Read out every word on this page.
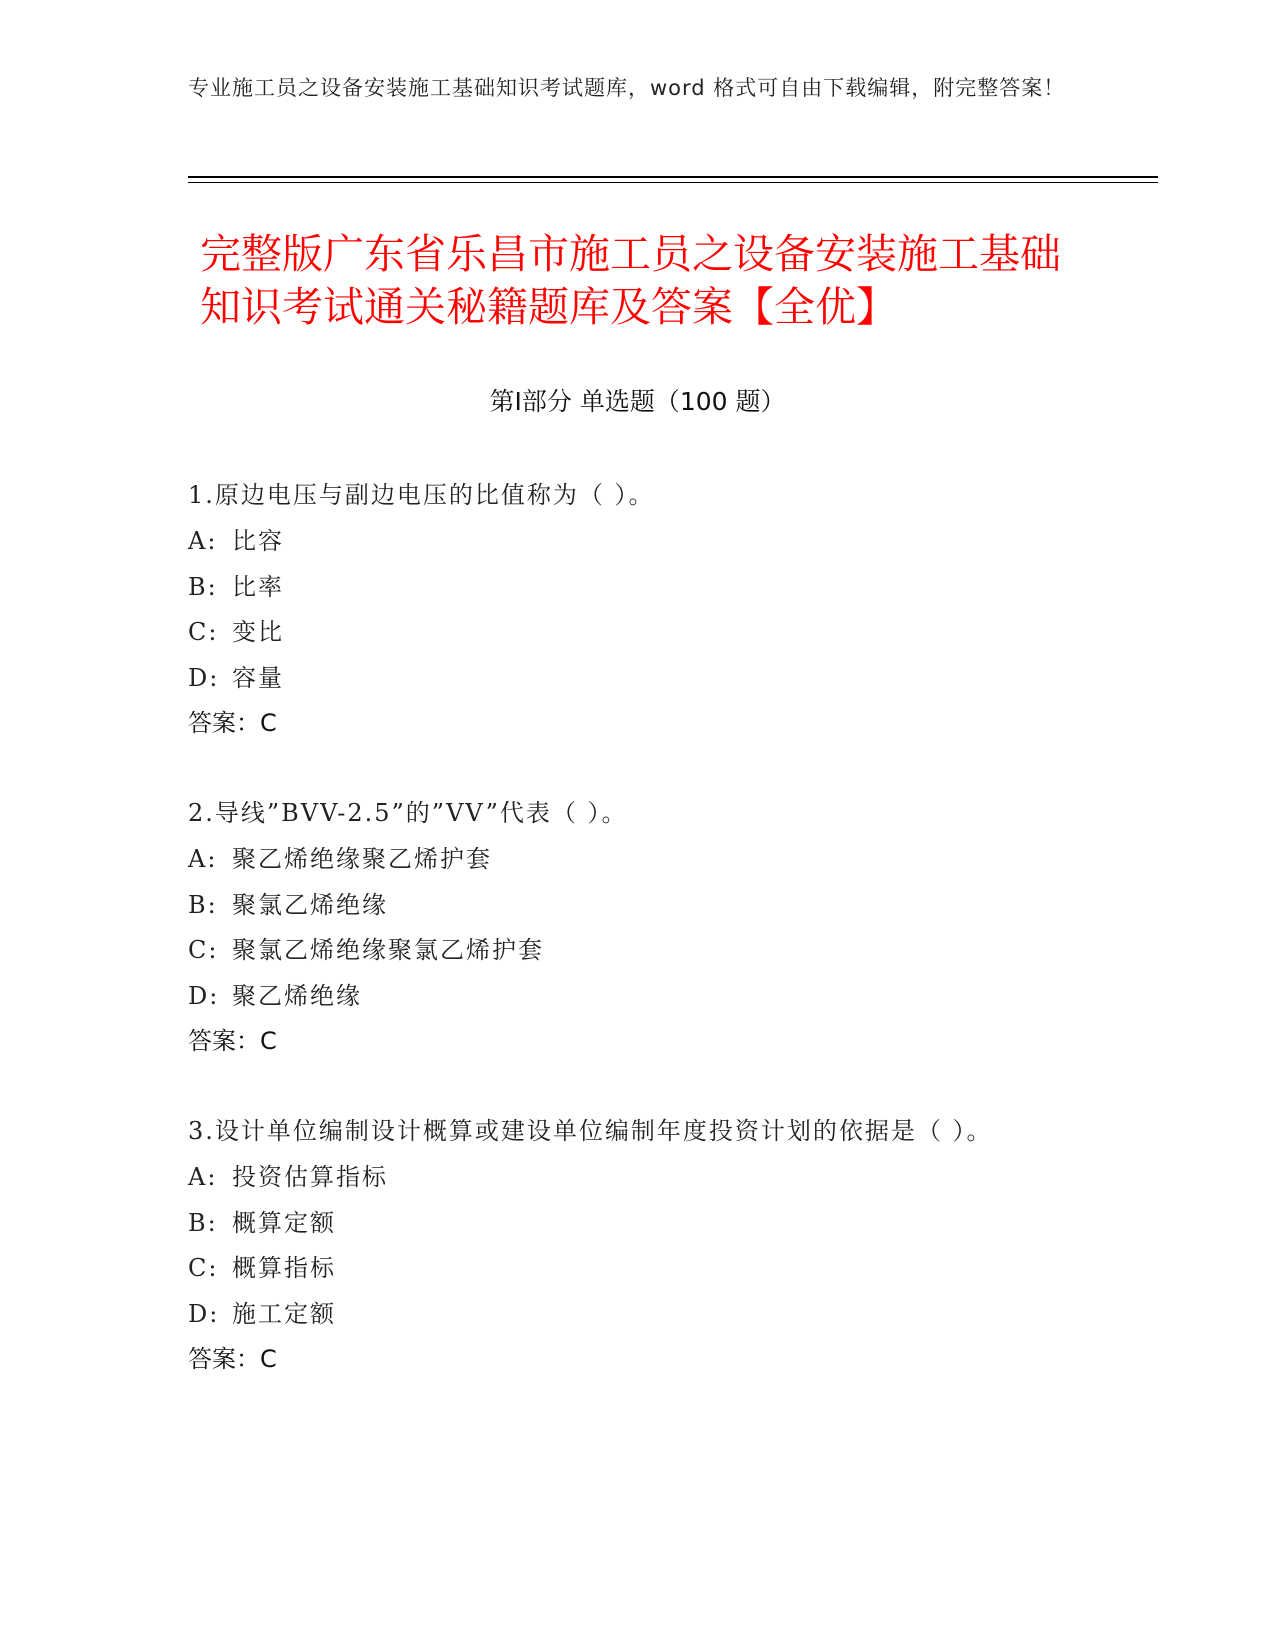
专业施工员之设备安装施工基础知识考试题库，word 格式可自由下载编辑，附完整答案！
完整版广东省乐昌市施工员之设备安装施工基础知识考试通关秘籍题库及答案【全优】
第Ⅰ部分 单选题（100 题）

1.原边电压与副边电压的比值称为（ ）。

A: 比容

B: 比率

C: 变比

D: 容量

答案：C

2.导线”BVV-2.5”的”VV”代表（ ）。

A: 聚乙烯绝缘聚乙烯护套

B: 聚氯乙烯绝缘

C: 聚氯乙烯绝缘聚氯乙烯护套

D: 聚乙烯绝缘

答案：C

3.设计单位编制设计概算或建设单位编制年度投资计划的依据是（ ）。

A: 投资估算指标

B: 概算定额

C: 概算指标

D: 施工定额

答案：C
